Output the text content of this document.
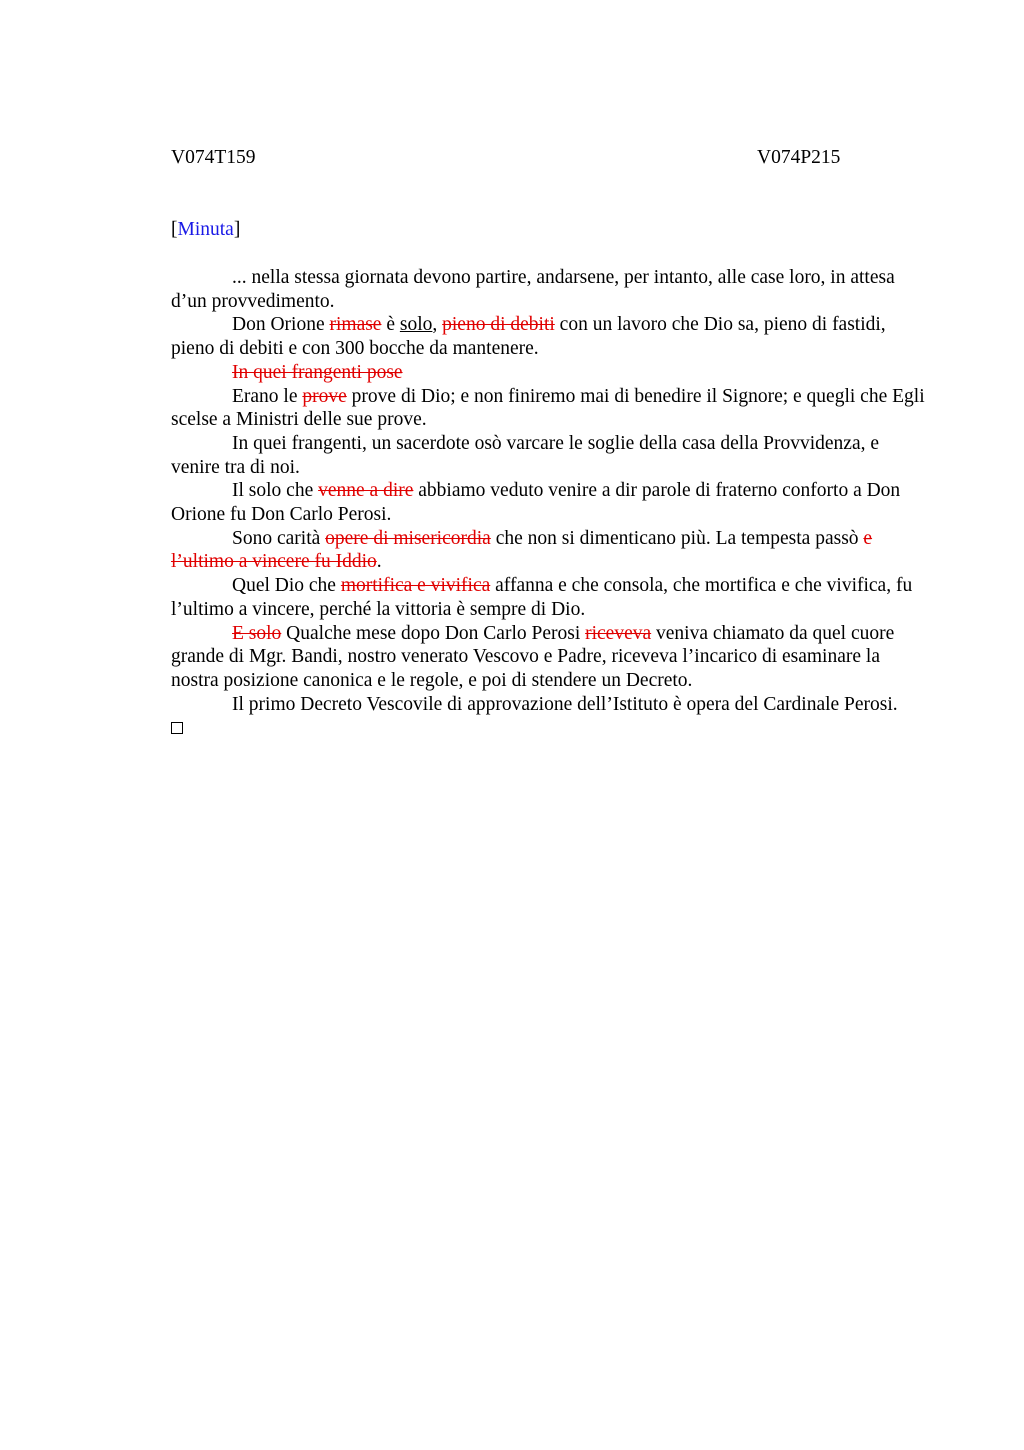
V074T159	V074P215
[Minuta]

... nella stessa giornata devono partire, andarsene, per intanto, alle case loro, in attesa d’un provvedimento.

Don Orione rimase è solo, pieno di debiti con un lavoro che Dio sa, pieno di fastidi, pieno di debiti e con 300 bocche da mantenere.

In quei frangenti pose

Erano le prove prove di Dio; e non finiremo mai di benedire il Signore; e quegli che Egli scelse a Ministri delle sue prove.

In quei frangenti, un sacerdote osò varcare le soglie della casa della Provvidenza, e venire tra di noi.

Il solo che venne a dire abbiamo veduto venire a dir parole di fraterno conforto a Don Orione fu Don Carlo Perosi.

Sono carità opere di misericordia che non si dimenticano più. La tempesta passò e l’ultimo a vincere fu Iddio.

Quel Dio che mortifica e vivifica affanna e che consola, che mortifica e che vivifica, fu l’ultimo a vincere, perché la vittoria è sempre di Dio.

E solo Qualche mese dopo Don Carlo Perosi riceveva veniva chiamato da quel cuore grande di Mgr. Bandi, nostro venerato Vescovo e Padre, riceveva l’incarico di esaminare la nostra posizione canonica e le regole, e poi di stendere un Decreto.

Il primo Decreto Vescovile di approvazione dell’Istituto è opera del Cardinale Perosi.
